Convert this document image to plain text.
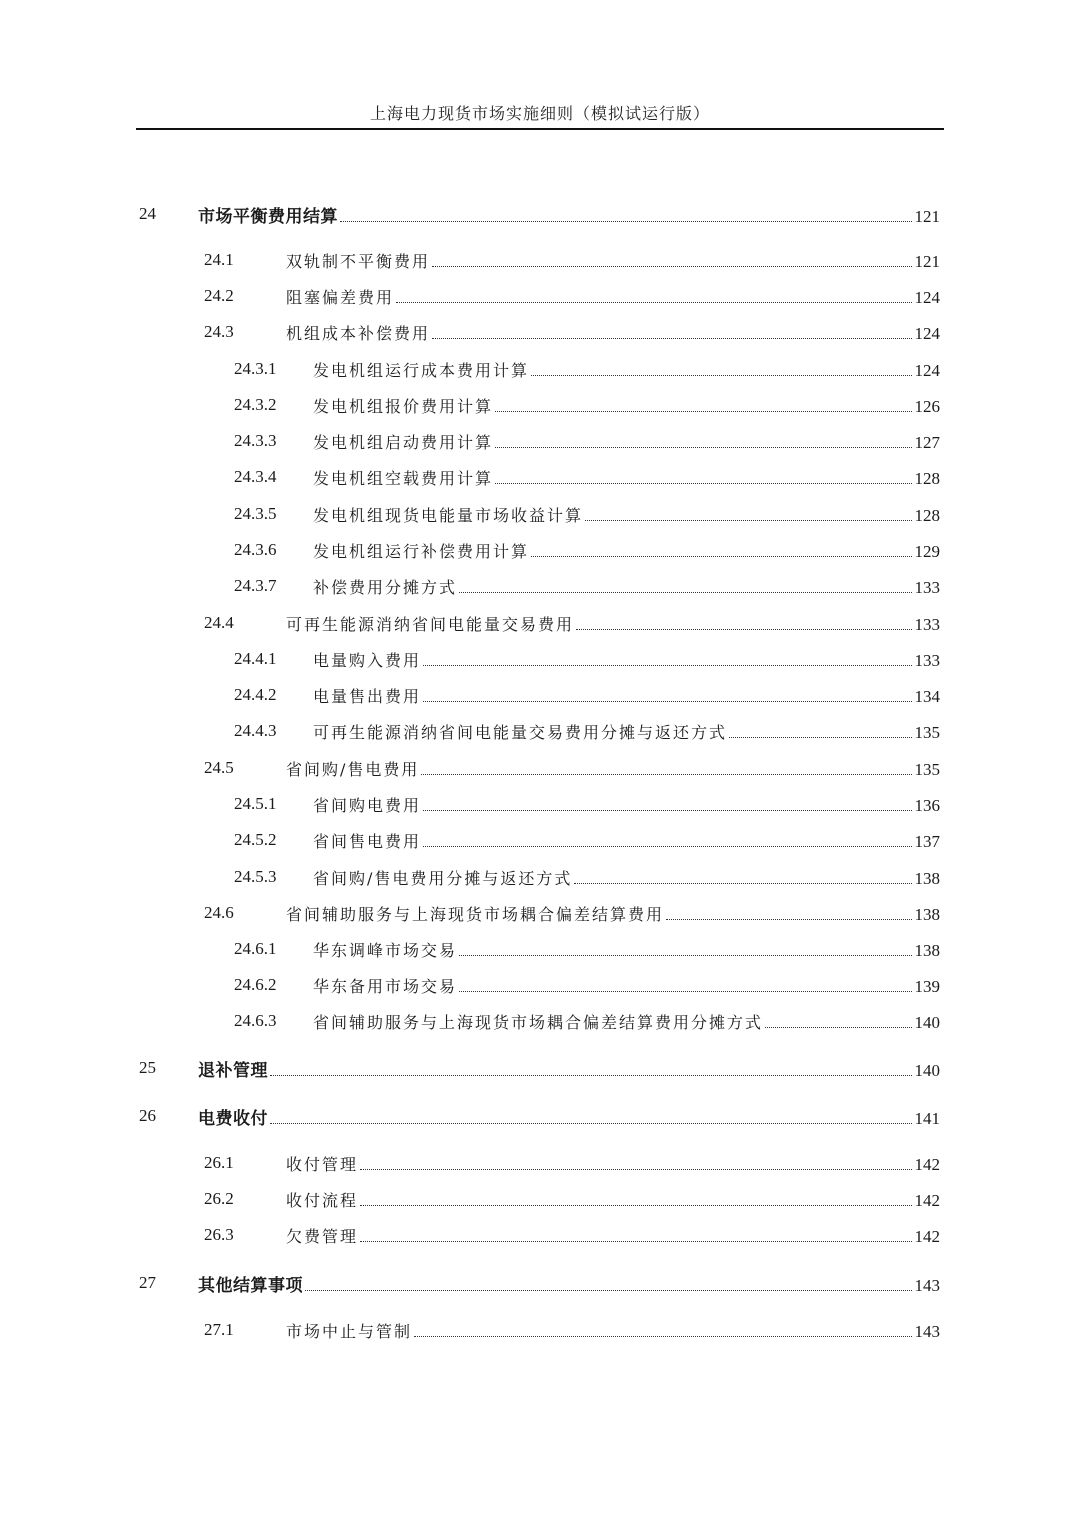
上海电力现货市场实施细则（模拟试运行版）
24 市场平衡费用结算	121
24.1	双轨制不平衡费用	121
24.2	阻塞偏差费用	124
24.3	机组成本补偿费用	124
24.3.1 发电机组运行成本费用计算	124
24.3.2 发电机组报价费用计算	126
24.3.3 发电机组启动费用计算	127
24.3.4 发电机组空载费用计算	128
24.3.5 发电机组现货电能量市场收益计算	128
24.3.6 发电机组运行补偿费用计算	129
24.3.7 补偿费用分摊方式	133
24.4	可再生能源消纳省间电能量交易费用	133
24.4.1 电量购入费用	133
24.4.2 电量售出费用	134
24.4.3 可再生能源消纳省间电能量交易费用分摊与返还方式	135
24.5	省间购/售电费用	135
24.5.1 省间购电费用	136
24.5.2 省间售电费用	137
24.5.3 省间购/售电费用分摊与返还方式	138
24.6	省间辅助服务与上海现货市场耦合偏差结算费用	138
24.6.1 华东调峰市场交易	138
24.6.2 华东备用市场交易	139
24.6.3 省间辅助服务与上海现货市场耦合偏差结算费用分摊方式	140
25 退补管理	140
26 电费收付	141
26.1	收付管理	142
26.2	收付流程	142
26.3	欠费管理	142
27 其他结算事项	143
27.1	市场中止与管制	143
